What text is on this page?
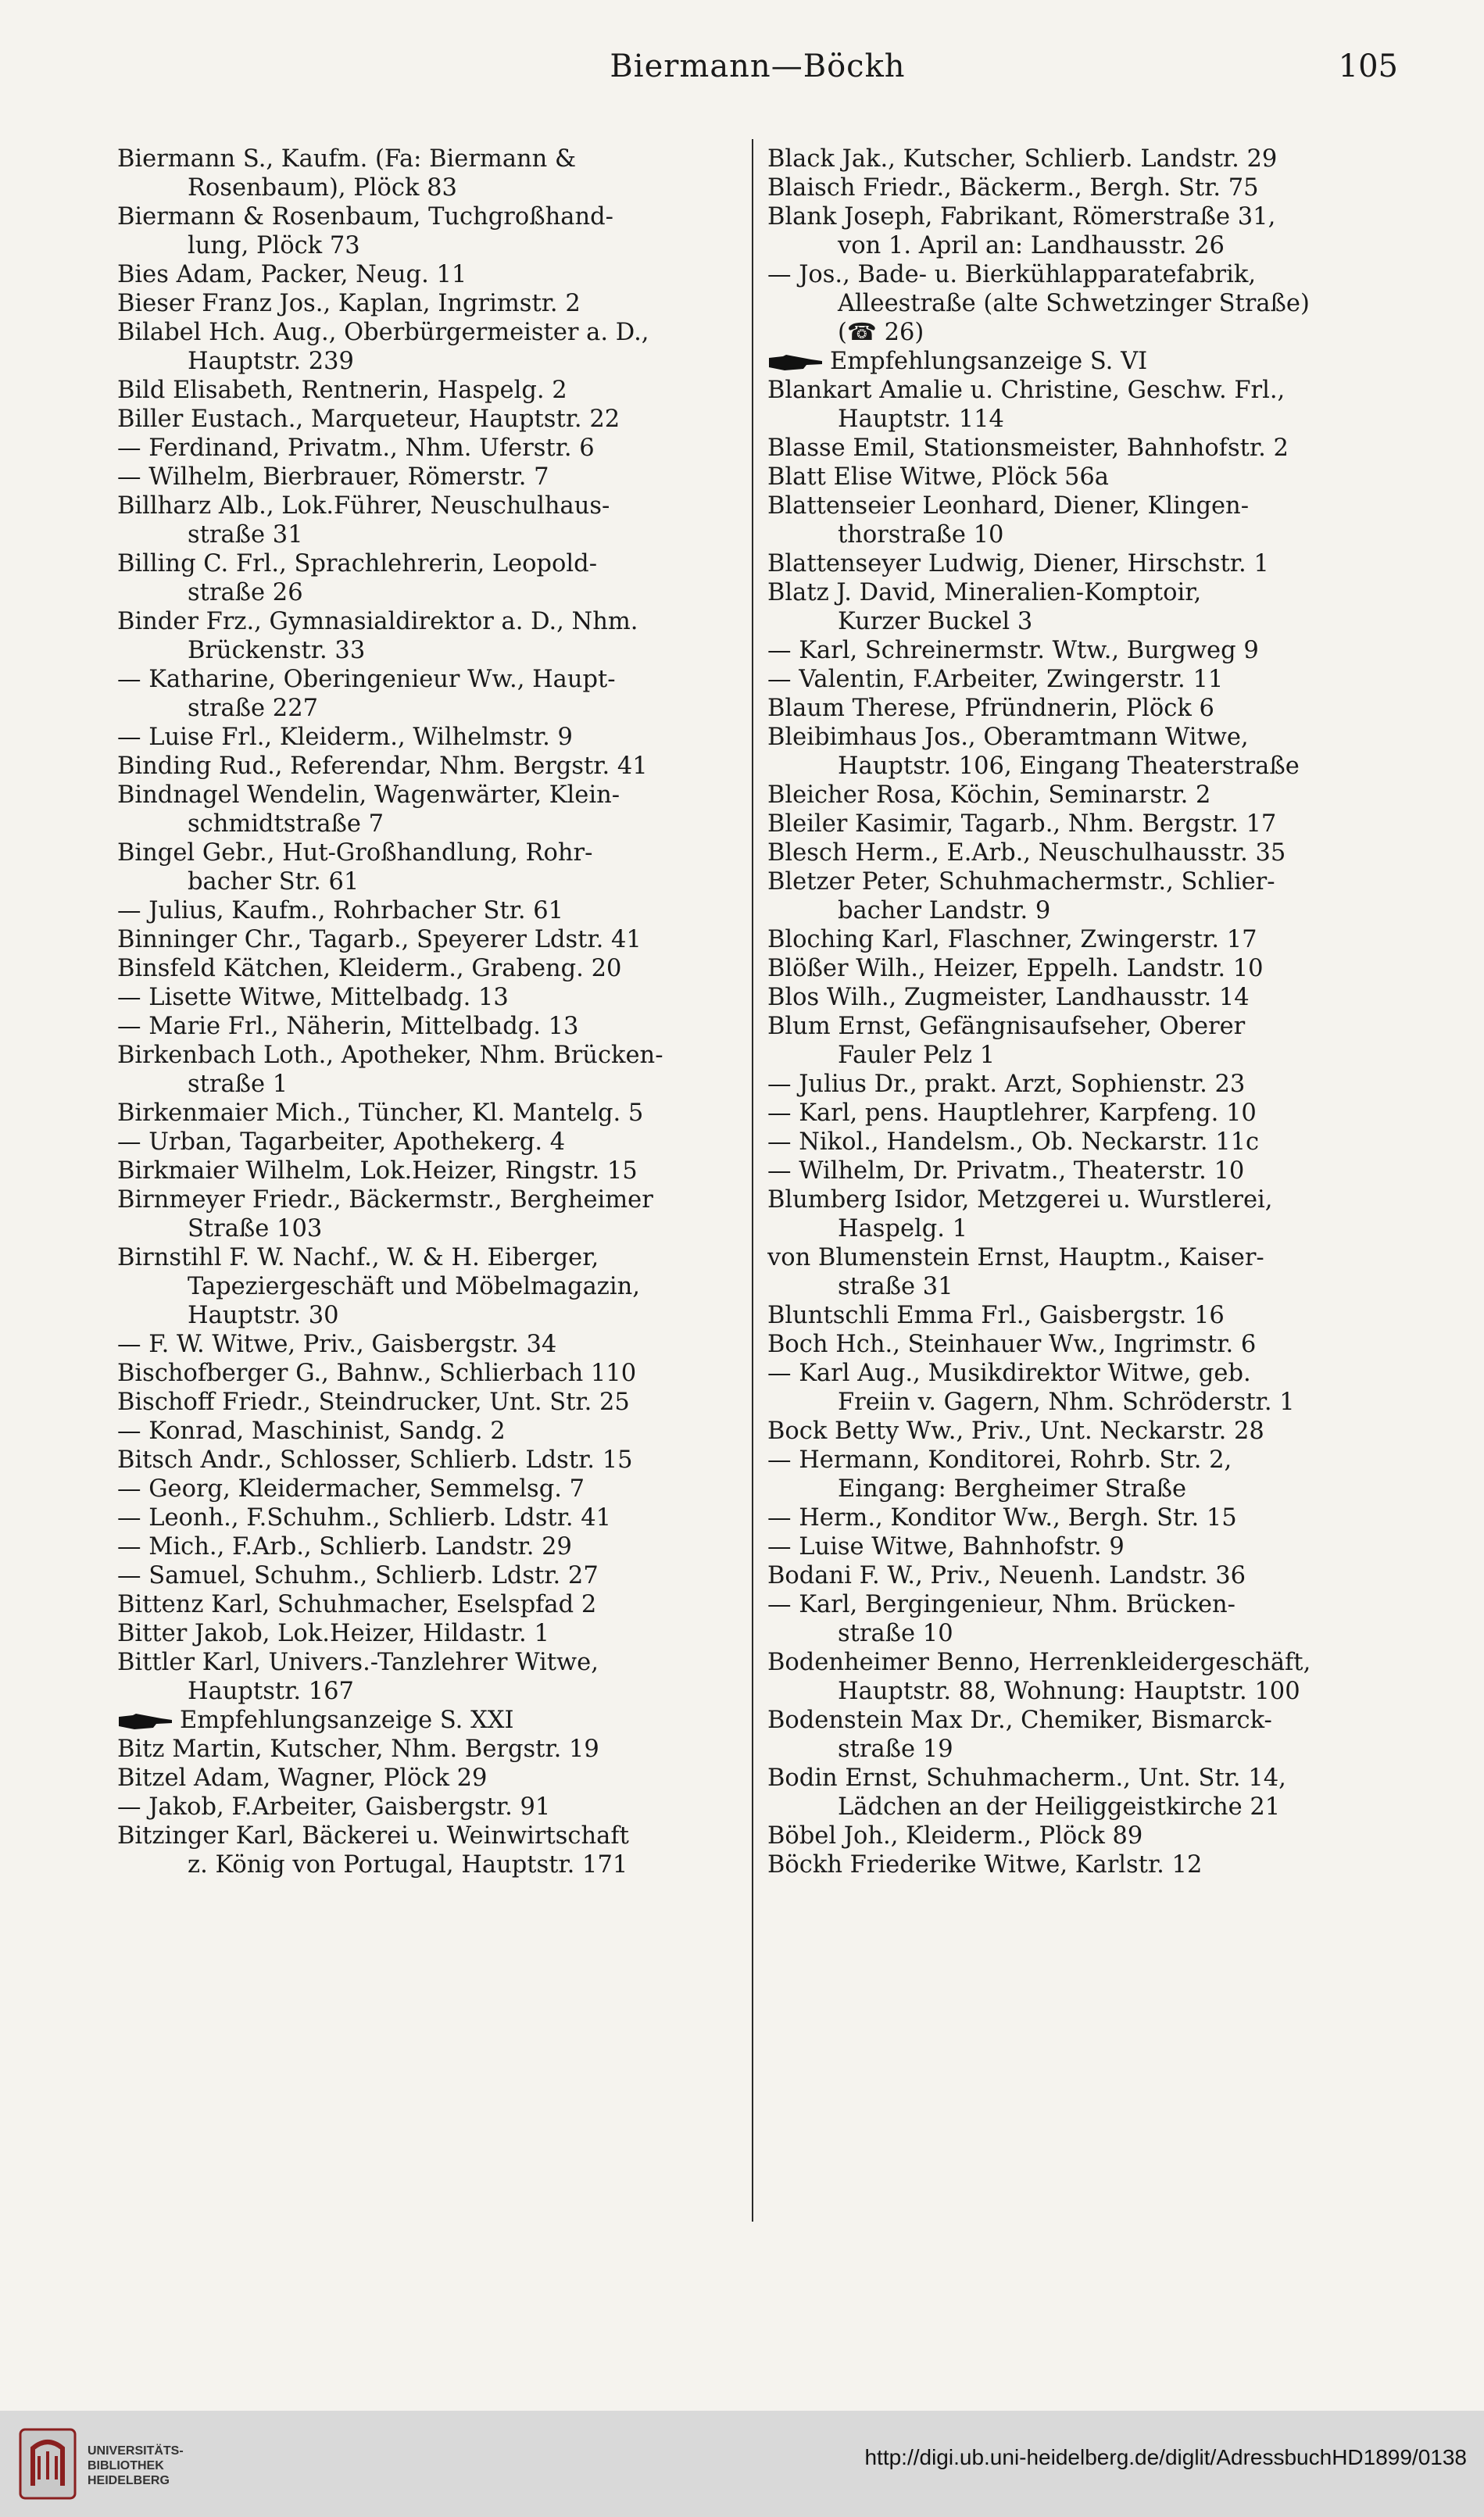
Biermann—Böckh	105
Biermann S., Kaufm. (Fa: Biermann &
Rosenbaum), Plöck 83
Biermann & Rosenbaum, Tuchgroßhand-
lung, Plöck 73
Bies Adam, Packer, Neug. 11
Bieser Franz Jos., Kaplan, Ingrimstr. 2
Bilabel Hch. Aug., Oberbürgermeister a. D.,
Hauptstr. 239
Bild Elisabeth, Rentnerin, Haspelg. 2
Biller Eustach., Marqueteur, Hauptstr. 22
— Ferdinand, Privatm., Nhm. Uferstr. 6
— Wilhelm, Bierbrauer, Römerstr. 7
Billharz Alb., Lok.Führer, Neuschulhaus-
straße 31
Billing C. Frl., Sprachlehrerin, Leopold-
straße 26
Binder Frz., Gymnasialdirektor a. D., Nhm.
Brückenstr. 33
— Katharine, Oberingenieur Ww., Haupt-
straße 227
— Luise Frl., Kleiderm., Wilhelmstr. 9
Binding Rud., Referendar, Nhm. Bergstr. 41
Bindnagel Wendelin, Wagenwärter, Klein-
schmidtstraße 7
Bingel Gebr., Hut-Großhandlung, Rohr-
bacher Str. 61
— Julius, Kaufm., Rohrbacher Str. 61
Binninger Chr., Tagarb., Speyerer Ldstr. 41
Binsfeld Kätchen, Kleiderm., Grabeng. 20
— Lisette Witwe, Mittelbadg. 13
— Marie Frl., Näherin, Mittelbadg. 13
Birkenbach Loth., Apotheker, Nhm. Brücken-
straße 1
Birkenmaier Mich., Tüncher, Kl. Mantelg. 5
— Urban, Tagarbeiter, Apothekerg. 4
Birkmaier Wilhelm, Lok.Heizer, Ringstr. 15
Birnmeyer Friedr., Bäckermstr., Bergheimer
Straße 103
Birnstihl F. W. Nachf., W. & H. Eiberger,
Tapeziergeschäft und Möbelmagazin,
Hauptstr. 30
— F. W. Witwe, Priv., Gaisbergstr. 34
Bischofberger G., Bahnw., Schlierbach 110
Bischoff Friedr., Steindrucker, Unt. Str. 25
— Konrad, Maschinist, Sandg. 2
Bitsch Andr., Schlosser, Schlierb. Ldstr. 15
— Georg, Kleidermacher, Semmelsg. 7
— Leonh., F.Schuhm., Schlierb. Ldstr. 41
— Mich., F.Arb., Schlierb. Landstr. 29
— Samuel, Schuhm., Schlierb. Ldstr. 27
Bittenz Karl, Schuhmacher, Eselspfad 2
Bitter Jakob, Lok.Heizer, Hildastr. 1
Bittler Karl, Univers.-Tanzlehrer Witwe,
Hauptstr. 167
Empfehlungsanzeige S. XXI
Bitz Martin, Kutscher, Nhm. Bergstr. 19
Bitzel Adam, Wagner, Plöck 29
— Jakob, F.Arbeiter, Gaisbergstr. 91
Bitzinger Karl, Bäckerei u. Weinwirtschaft
z. König von Portugal, Hauptstr. 171
Black Jak., Kutscher, Schlierb. Landstr. 29
Blaisch Friedr., Bäckerm., Bergh. Str. 75
Blank Joseph, Fabrikant, Römerstraße 31,
von 1. April an: Landhausstr. 26
— Jos., Bade- u. Bierkühlapparatefabrik,
Alleestraße (alte Schwetzinger Straße)
(☎ 26)
Empfehlungsanzeige S. VI
Blankart Amalie u. Christine, Geschw. Frl.,
Hauptstr. 114
Blasse Emil, Stationsmeister, Bahnhofstr. 2
Blatt Elise Witwe, Plöck 56a
Blattenseier Leonhard, Diener, Klingen-
thorstraße 10
Blattenseyer Ludwig, Diener, Hirschstr. 1
Blatz J. David, Mineralien-Komptoir,
Kurzer Buckel 3
— Karl, Schreinermstr. Wtw., Burgweg 9
— Valentin, F.Arbeiter, Zwingerstr. 11
Blaum Therese, Pfründnerin, Plöck 6
Bleibimhaus Jos., Oberamtmann Witwe,
Hauptstr. 106, Eingang Theaterstraße
Bleicher Rosa, Köchin, Seminarstr. 2
Bleiler Kasimir, Tagarb., Nhm. Bergstr. 17
Blesch Herm., E.Arb., Neuschulhausstr. 35
Bletzer Peter, Schuhmachermstr., Schlier-
bacher Landstr. 9
Bloching Karl, Flaschner, Zwingerstr. 17
Blößer Wilh., Heizer, Eppelh. Landstr. 10
Blos Wilh., Zugmeister, Landhausstr. 14
Blum Ernst, Gefängnisaufseher, Oberer
Fauler Pelz 1
— Julius Dr., prakt. Arzt, Sophienstr. 23
— Karl, pens. Hauptlehrer, Karpfeng. 10
— Nikol., Handelsm., Ob. Neckarstr. 11c
— Wilhelm, Dr. Privatm., Theaterstr. 10
Blumberg Isidor, Metzgerei u. Wurstlerei,
Haspelg. 1
von Blumenstein Ernst, Hauptm., Kaiser-
straße 31
Bluntschli Emma Frl., Gaisbergstr. 16
Boch Hch., Steinhauer Ww., Ingrimstr. 6
— Karl Aug., Musikdirektor Witwe, geb.
Freiin v. Gagern, Nhm. Schröderstr. 1
Bock Betty Ww., Priv., Unt. Neckarstr. 28
— Hermann, Konditorei, Rohrb. Str. 2,
Eingang: Bergheimer Straße
— Herm., Konditor Ww., Bergh. Str. 15
— Luise Witwe, Bahnhofstr. 9
Bodani F. W., Priv., Neuenh. Landstr. 36
— Karl, Bergingenieur, Nhm. Brücken-
straße 10
Bodenheimer Benno, Herrenkleidergeschäft,
Hauptstr. 88, Wohnung: Hauptstr. 100
Bodenstein Max Dr., Chemiker, Bismarck-
straße 19
Bodin Ernst, Schuhmacherm., Unt. Str. 14,
Lädchen an der Heiliggeistkirche 21
Böbel Joh., Kleiderm., Plöck 89
Böckh Friederike Witwe, Karlstr. 12
UNIVERSITÄTS-
BIBLIOTHEK
HEIDELBERG
http://digi.ub.uni-heidelberg.de/diglit/AdressbuchHD1899/0138
